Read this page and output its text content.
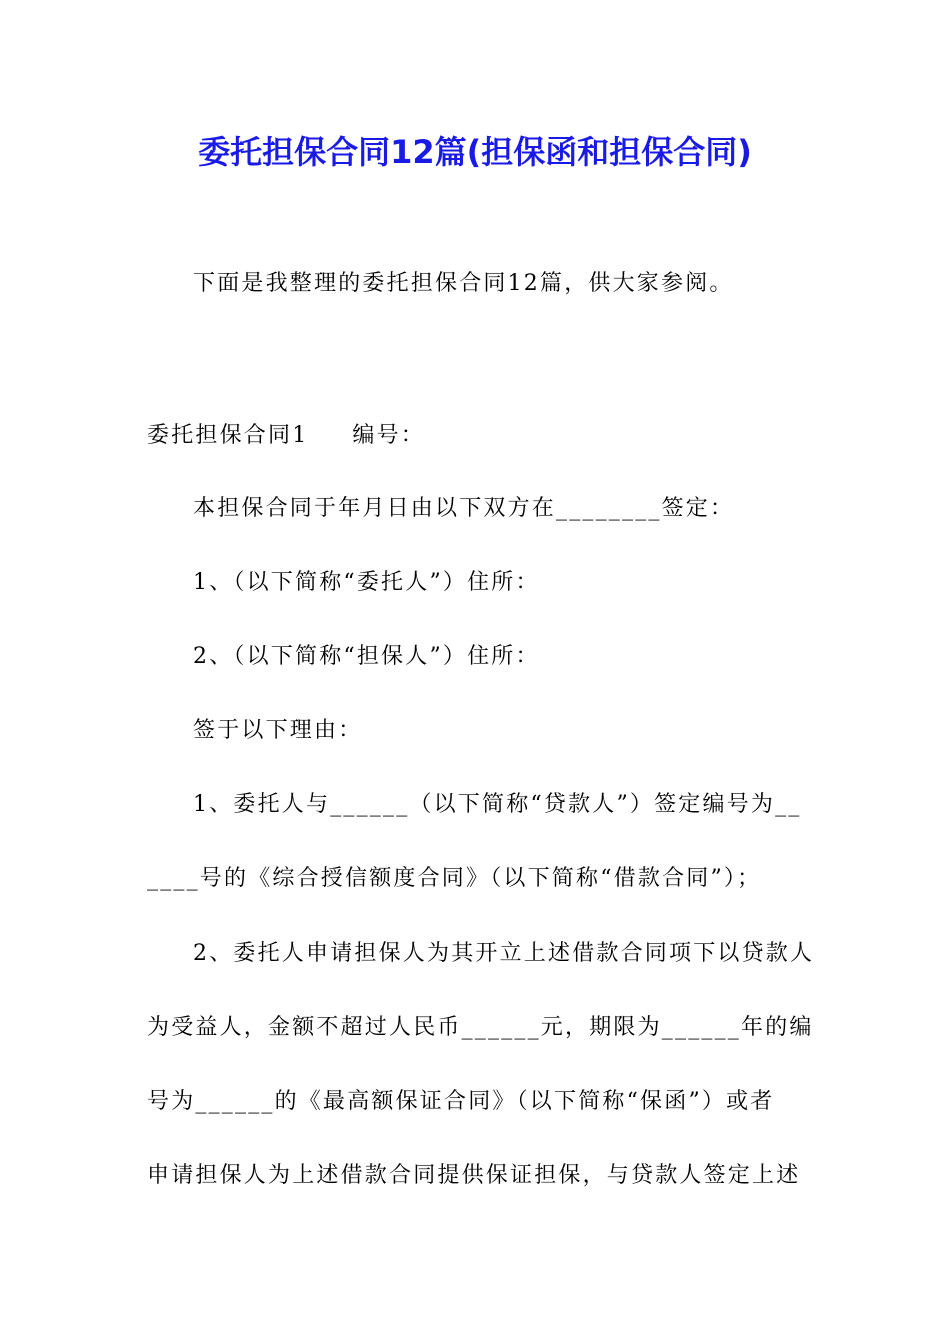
委托担保合同12篇(担保函和担保合同)
下面是我整理的委托担保合同12篇，供大家参阅。
委托担保合同1 编号：
本担保合同于年月日由以下双方在________签定：
1、（以下简称“委托人”）住所：
2、（以下简称“担保人”）住所：
签于以下理由：
1、委托人与______（以下简称“贷款人”）签定编号为__
____号的《综合授信额度合同》（以下简称“借款合同”）；
2、委托人申请担保人为其开立上述借款合同项下以贷款人
为受益人，金额不超过人民币______元，期限为______年的编
号为______的《最高额保证合同》（以下简称“保函”）或者
申请担保人为上述借款合同提供保证担保，与贷款人签定上述
